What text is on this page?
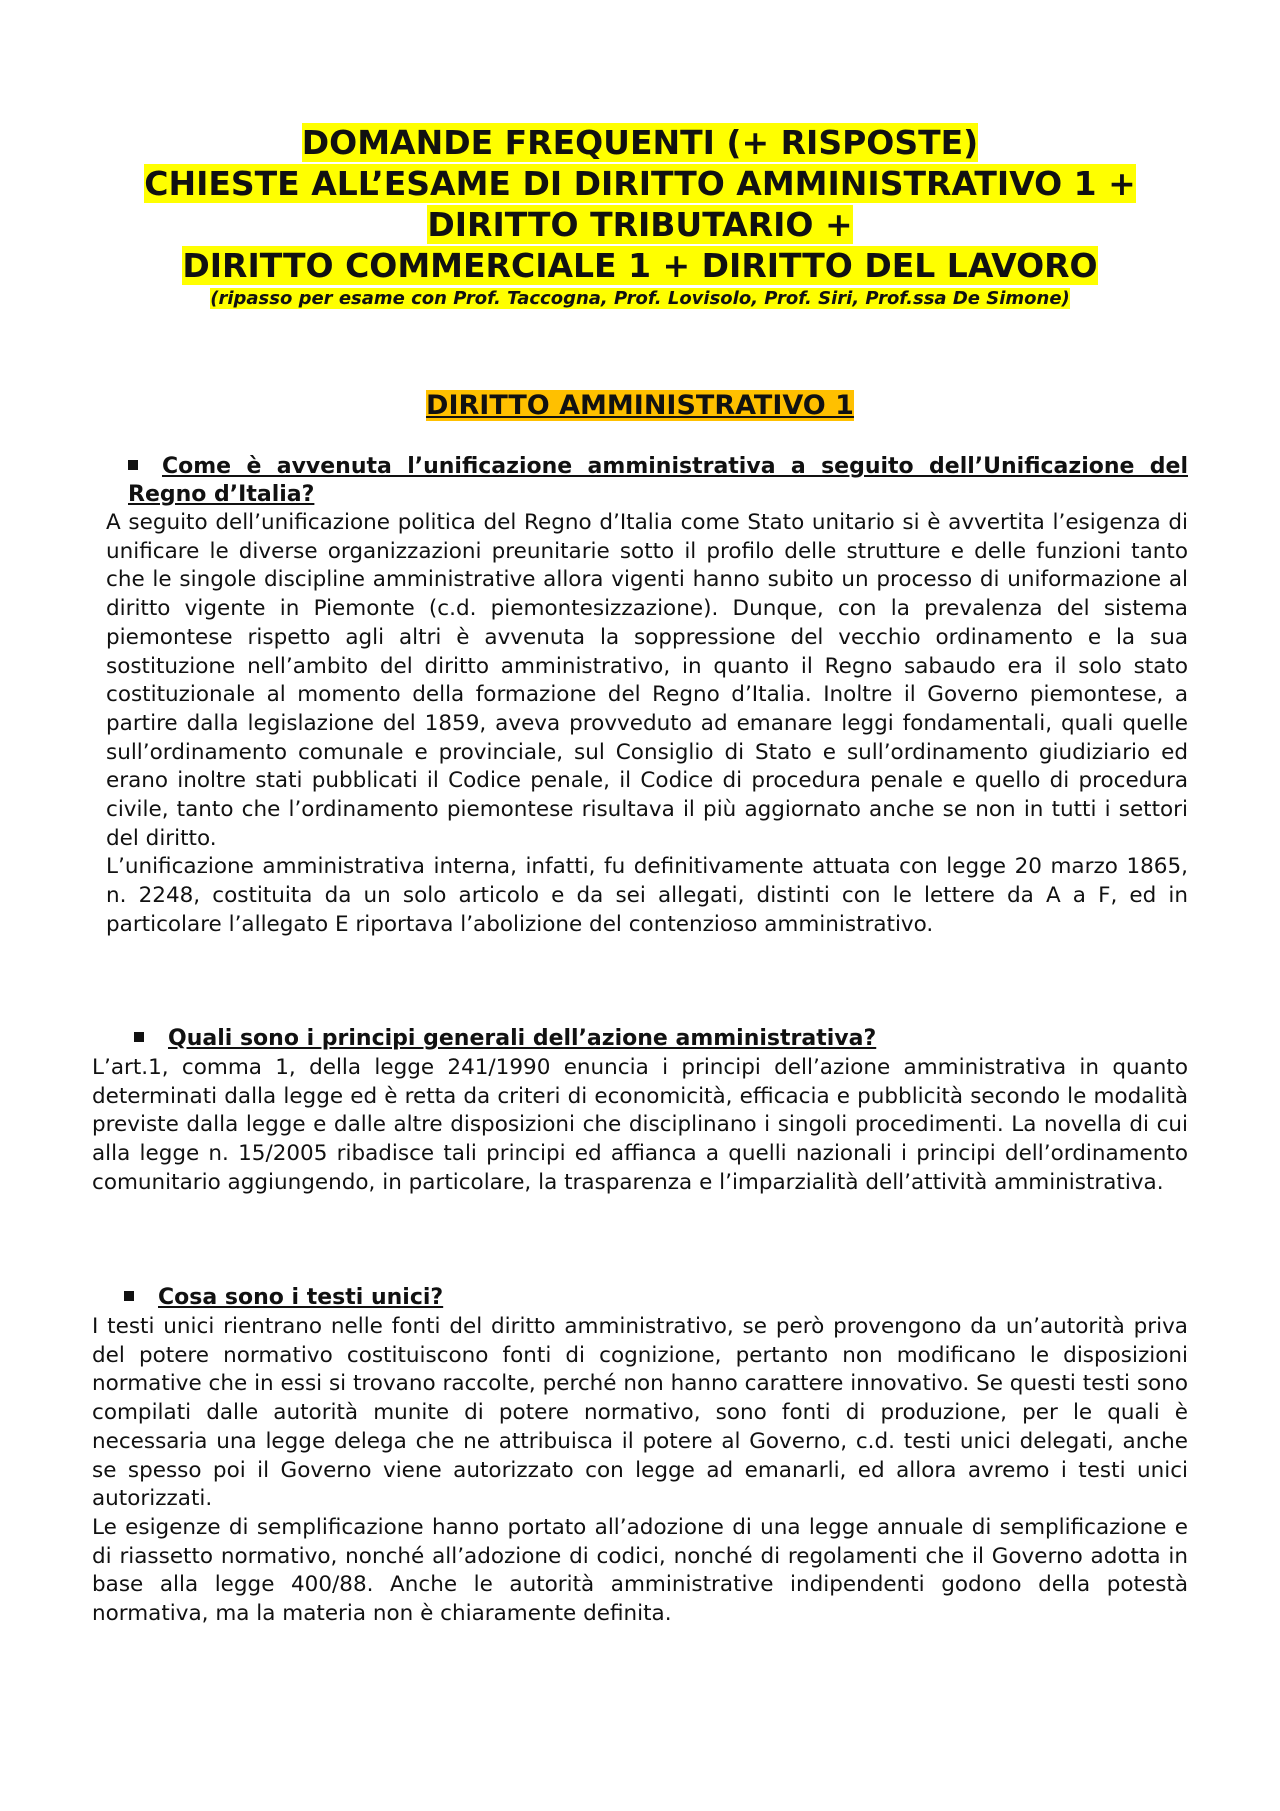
DOMANDE FREQUENTI (+ RISPOSTE)

CHIESTE ALL’ESAME DI DIRITTO AMMINISTRATIVO 1 +

DIRITTO TRIBUTARIO +

DIRITTO COMMERCIALE 1 + DIRITTO DEL LAVORO

(ripasso per esame con Prof. Taccogna, Prof. Lovisolo, Prof. Siri, Prof.ssa De Simone)

DIRITTO AMMINISTRATIVO 1
Come è avvenuta l’unificazione amministrativa a seguito dell’Unificazione del Regno d’Italia?

A seguito dell’unificazione politica del Regno d’Italia come Stato unitario si è avvertita l’esigenza di unificare le diverse organizzazioni preunitarie sotto il profilo delle strutture e delle funzioni tanto che le singole discipline amministrative allora vigenti hanno subito un processo di uniformazione al diritto vigente in Piemonte (c.d. piemontesizzazione). Dunque, con la prevalenza del sistema piemontese rispetto agli altri è avvenuta la soppressione del vecchio ordinamento e la sua sostituzione nell’ambito del diritto amministrativo, in quanto il Regno sabaudo era il solo stato costituzionale al momento della formazione del Regno d’Italia. Inoltre il Governo piemontese, a partire dalla legislazione del 1859, aveva provveduto ad emanare leggi fondamentali, quali quelle sull’ordinamento comunale e provinciale, sul Consiglio di Stato e sull’ordinamento giudiziario ed erano inoltre stati pubblicati il Codice penale, il Codice di procedura penale e quello di procedura civile, tanto che l’ordinamento piemontese risultava il più aggiornato anche se non in tutti i settori del diritto.

L’unificazione amministrativa interna, infatti, fu definitivamente attuata con legge 20 marzo 1865, n. 2248, costituita da un solo articolo e da sei allegati, distinti con le lettere da A a F, ed in particolare l’allegato E riportava l’abolizione del contenzioso amministrativo.

Quali sono i principi generali dell’azione amministrativa?

L’art.1, comma 1, della legge 241/1990 enuncia i principi dell’azione amministrativa in quanto determinati dalla legge ed è retta da criteri di economicità, efficacia e pubblicità secondo le modalità previste dalla legge e dalle altre disposizioni che disciplinano i singoli procedimenti. La novella di cui alla legge n. 15/2005 ribadisce tali principi ed affianca a quelli nazionali i principi dell’ordinamento comunitario aggiungendo, in particolare, la trasparenza e l’imparzialità dell’attività amministrativa.

Cosa sono i testi unici?

I testi unici rientrano nelle fonti del diritto amministrativo, se però provengono da un’autorità priva del potere normativo costituiscono fonti di cognizione, pertanto non modificano le disposizioni normative che in essi si trovano raccolte, perché non hanno carattere innovativo. Se questi testi sono compilati dalle autorità munite di potere normativo, sono fonti di produzione, per le quali è necessaria una legge delega che ne attribuisca il potere al Governo, c.d. testi unici delegati, anche se spesso poi il Governo viene autorizzato con legge ad emanarli, ed allora avremo i testi unici autorizzati.

Le esigenze di semplificazione hanno portato all’adozione di una legge annuale di semplificazione e di riassetto normativo, nonché all’adozione di codici, nonché di regolamenti che il Governo adotta in base alla legge 400/88. Anche le autorità amministrative indipendenti godono della potestà normativa, ma la materia non è chiaramente definita.
